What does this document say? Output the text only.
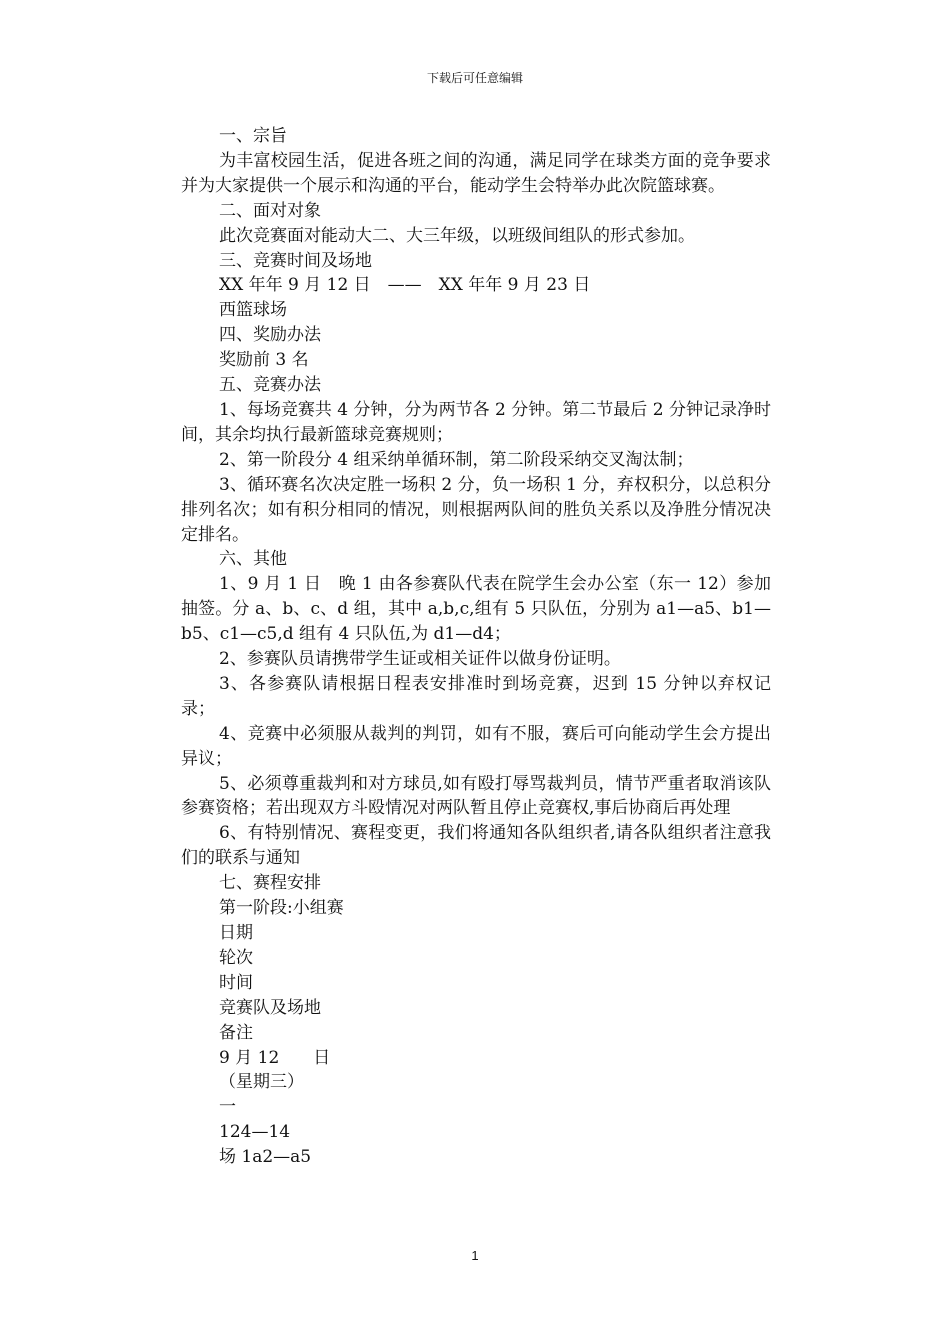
下载后可任意编辑

一、宗旨

为丰富校园生活，促进各班之间的沟通，满足同学在球类方面的竞争要求并为大家提供一个展示和沟通的平台，能动学生会特举办此次院篮球赛。

二、面对对象

此次竞赛面对能动大二、大三年级，以班级间组队的形式参加。

三、竞赛时间及场地

XX 年年 9 月 12 日　——　XX 年年 9 月 23 日

西篮球场

四、奖励办法

奖励前 3 名

五、竞赛办法

1、每场竞赛共 4 分钟，分为两节各 2 分钟。第二节最后 2 分钟记录净时间，其余均执行最新篮球竞赛规则；

2、第一阶段分 4 组采纳单循环制，第二阶段采纳交叉淘汰制；

3、循环赛名次决定胜一场积 2 分，负一场积 1 分，弃权积分，以总积分排列名次；如有积分相同的情况，则根据两队间的胜负关系以及净胜分情况决定排名。

六、其他

1、9 月 1 日　晚 1 由各参赛队代表在院学生会办公室（东一 12）参加抽签。分 a、b、c、d 组，其中 a,b,c,组有 5 只队伍，分别为 a1—a5、b1—b5、c1—c5,d 组有 4 只队伍,为 d1—d4；

2、参赛队员请携带学生证或相关证件以做身份证明。

3、各参赛队请根据日程表安排准时到场竞赛，迟到 15 分钟以弃权记录；

4、竞赛中必须服从裁判的判罚，如有不服，赛后可向能动学生会方提出异议；

5、必须尊重裁判和对方球员,如有殴打辱骂裁判员，情节严重者取消该队参赛资格；若出现双方斗殴情况对两队暂且停止竞赛权,事后协商后再处理

6、有特别情况、赛程变更，我们将通知各队组织者,请各队组织者注意我们的联系与通知

七、赛程安排

第一阶段:小组赛

日期

轮次

时间

竞赛队及场地

备注

9 月 12　　日

（星期三）

一

124—14

场 1a2—a5

1
